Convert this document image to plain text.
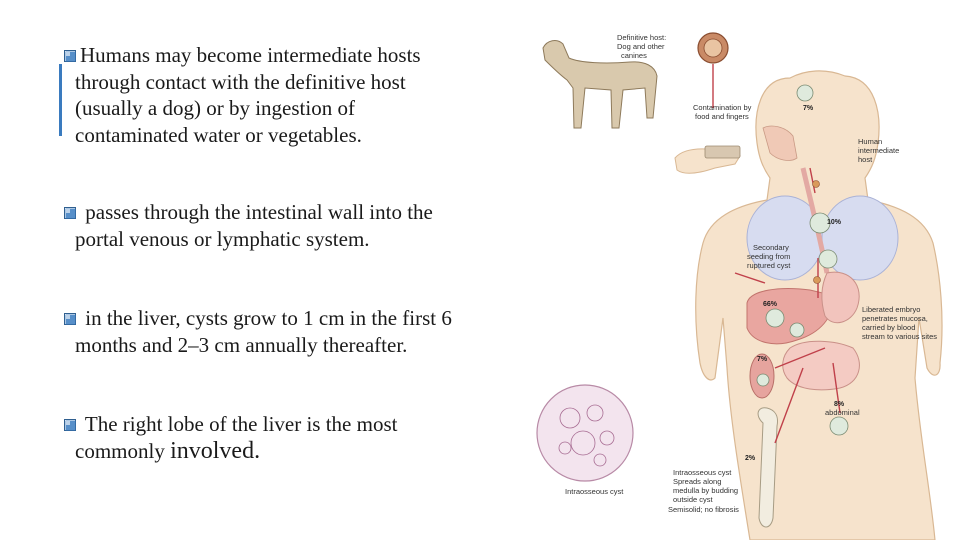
Humans may become intermediate hosts
through contact with the definitive host
(usually a dog) or by ingestion of
contaminated water or vegetables.
passes through the intestinal wall into the
portal venous or lymphatic system.
in the liver, cysts grow to 1 cm in the first 6
months and 2–3 cm annually thereafter.
The right lobe of the liver is the most
commonly involved.
Definitive host: Dog and other canines
Contamination by food and fingers
Human intermediate host
Secondary seeding from ruptured cyst
Liberated embryo penetrates mucosa, carried by blood stream to various sites
7%
10%
66%
7%
8%
abdominal
2%
Intraosseous cyst Spreads along medulla by budding outside cyst Semisolid; no fibrosis
Intraosseous cyst
